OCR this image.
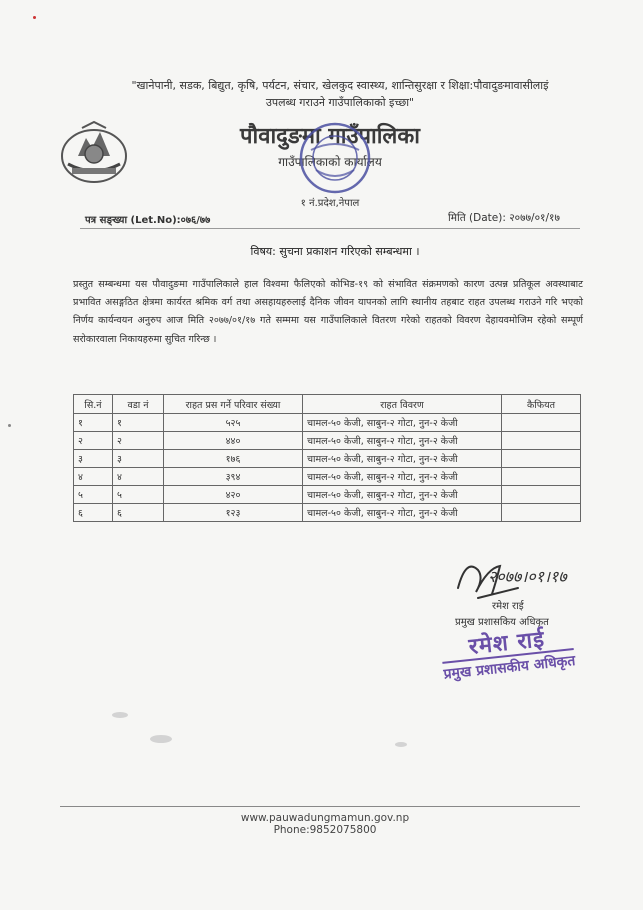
"खानेपानी, सडक, बिद्युत, कृषि, पर्यटन, संचार, खेलकुद स्वास्थ्य, शान्तिसुरक्षा र शिक्षा:पौवादुङमावासीलाइं
उपलब्ध गराउने गाउँपालिकाको इच्छा"
पौवादुङमा गाउँपालिका
गाउँपालिकाको कार्यालय
१ नं.प्रदेश,नेपाल
पत्र सङ्ख्या (Let.No):०७६/७७	मिति (Date): २०७७/०१/१७
विषय: सुचना प्रकाशन गरिएको सम्बन्धमा ।
प्रस्तुत सम्बन्धमा यस पौवादुङमा गाउँपालिकाले हाल विश्वमा फैलिएको कोभिड-१९ को संभावित संक्रमणको कारण उत्पन्न प्रतिकूल अवस्थाबाट प्रभावित असङ्गठित क्षेत्रमा कार्यरत श्रमिक वर्ग तथा असहायहरुलाई दैनिक जीवन यापनको लागि स्थानीय तहबाट राहत उपलब्ध गराउने गरि भएको निर्णय कार्यन्वयन अनुरुप आज मिति २०७७/०१/१७ गते सम्ममा यस गाउँपालिकाले वितरण गरेको राहतको विवरण देहायवमोजिम रहेको सम्पूर्ण सरोकारवाला निकायहरुमा सुचित गरिन्छ ।
सि.नं	वडा नं	राहत प्रस गर्ने परिवार संख्या	राहत विवरण	कैफियत
१	१	५२५	चामल-५० केजी, साबुन-२ गोटा, नुन-२ केजी	
२	२	४४०	चामल-५० केजी, साबुन-२ गोटा, नुन-२ केजी	
३	३	१७६	चामल-५० केजी, साबुन-२ गोटा, नुन-२ केजी	
४	४	३९४	चामल-५० केजी, साबुन-२ गोटा, नुन-२ केजी	
५	५	४२०	चामल-५० केजी, साबुन-२ गोटा, नुन-२ केजी	
६	६	१२३	चामल-५० केजी, साबुन-२ गोटा, नुन-२ केजी	
२०७७।०१।१७
रमेश राई
प्रमुख प्रशासकिय अधिकृत
रमेश राई
प्रमुख प्रशासकीय अधिकृत
www.pauwadungmamun.gov.np Phone:9852075800
